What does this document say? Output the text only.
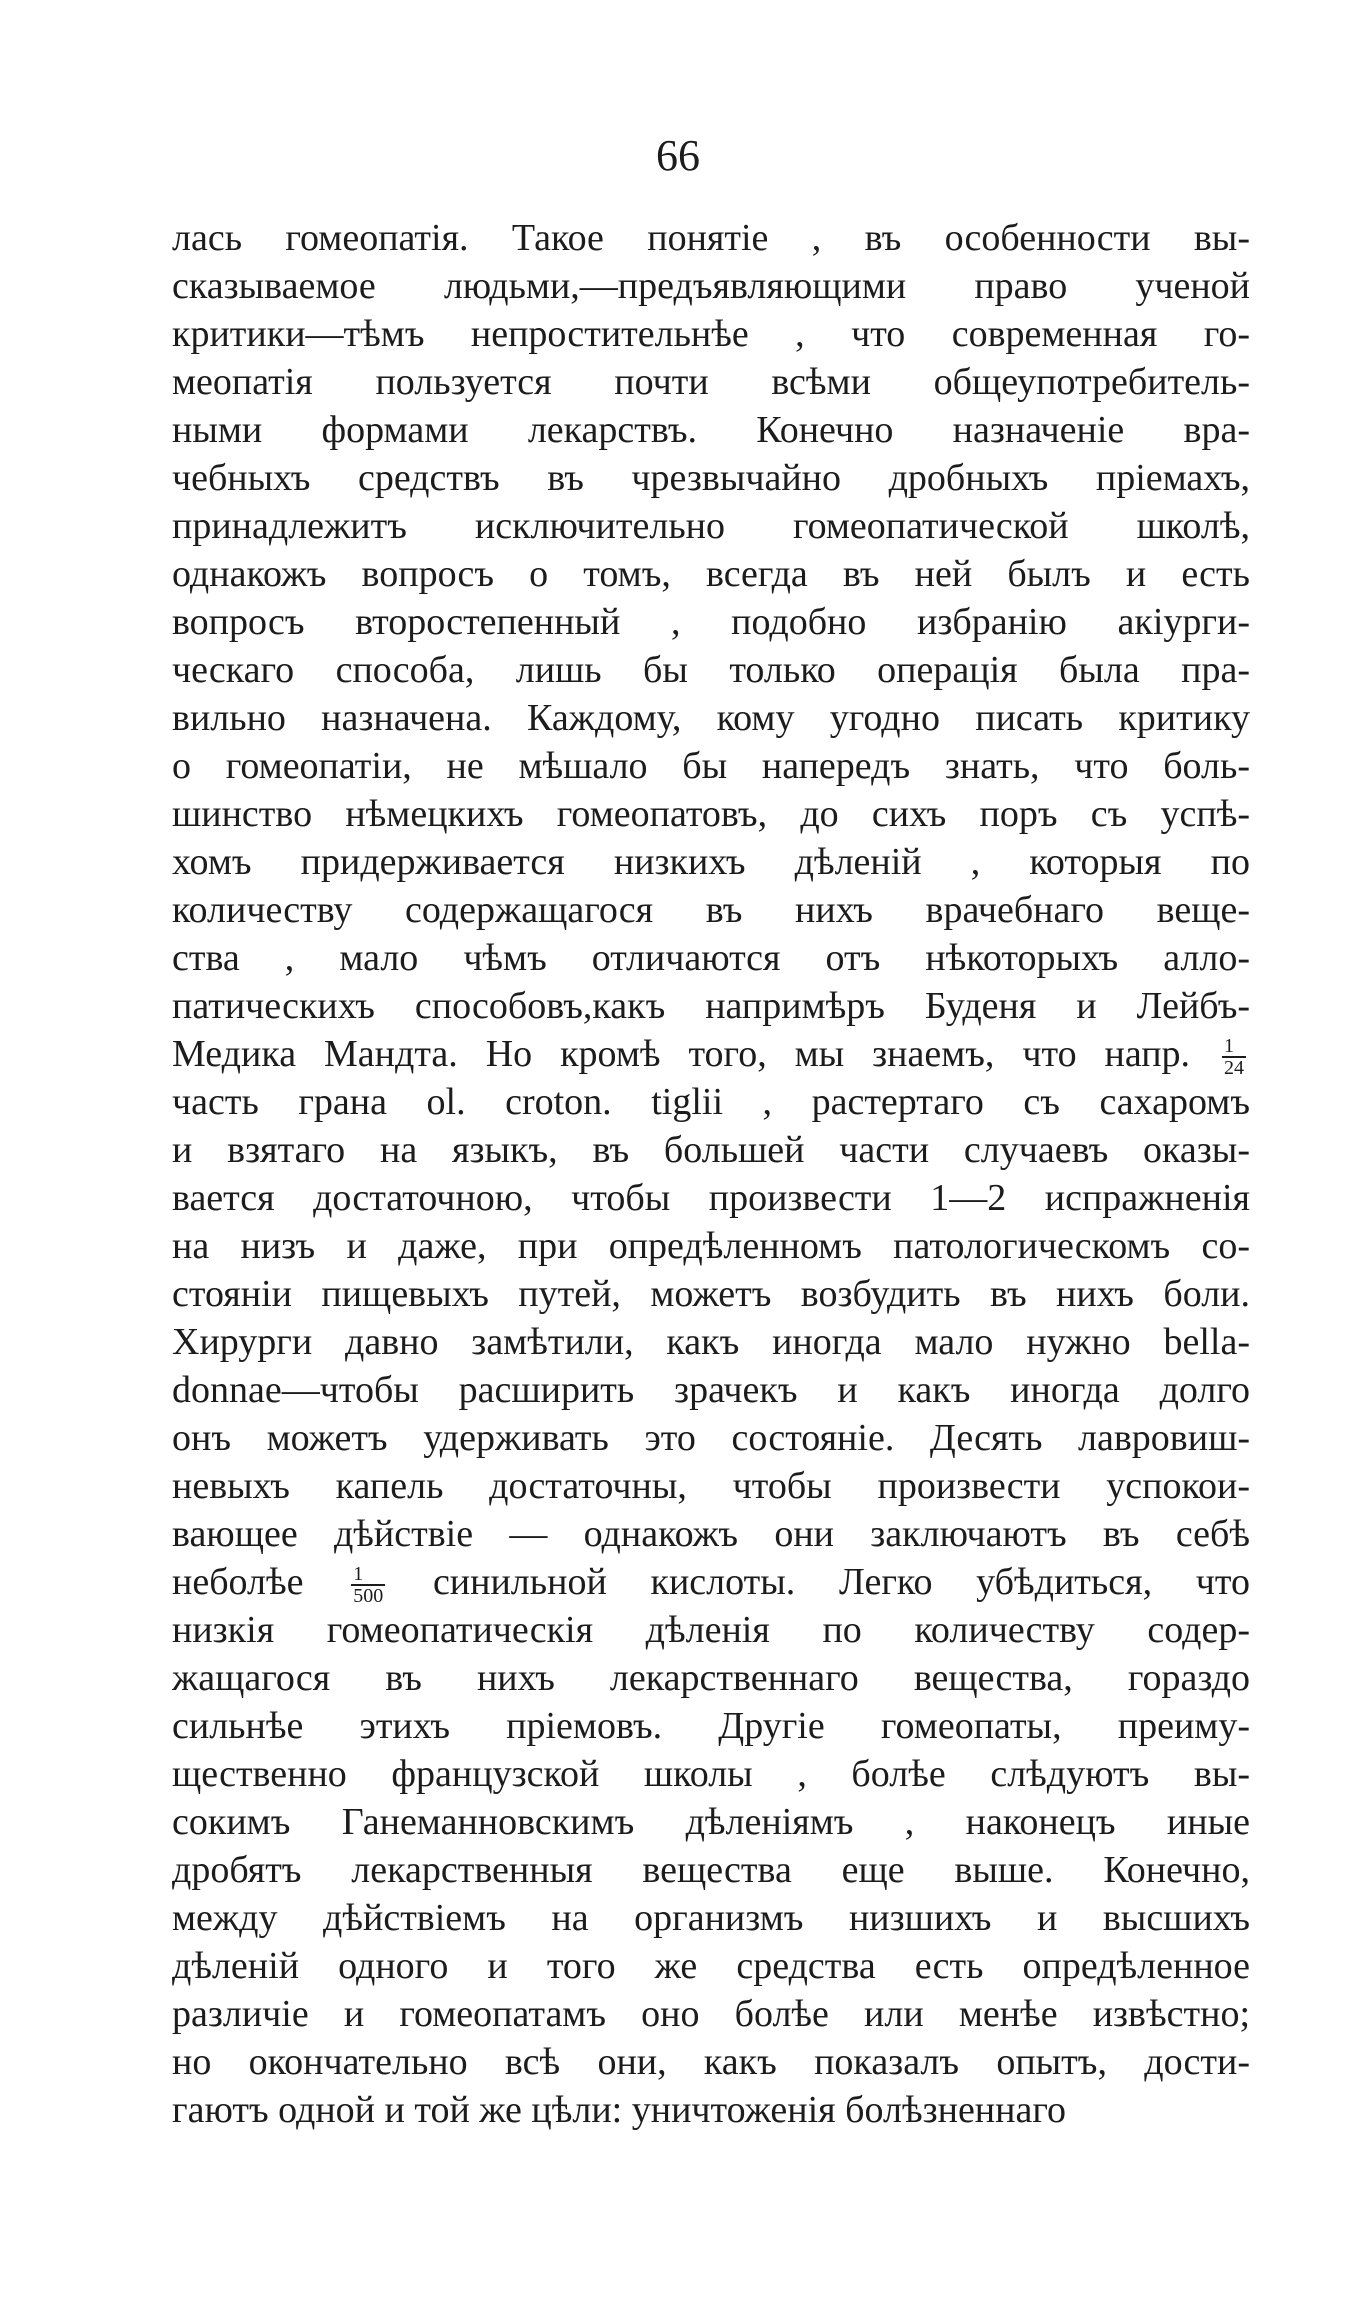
66
лась гомеопатія. Такое понятіе , въ особенности вы-
сказываемое людьми,—предъявляющими право ученой
критики—тѣмъ непростительнѣе , что современная го-
меопатія пользуется почти всѣми общеупотребитель-
ными формами лекарствъ. Конечно назначеніе вра-
чебныхъ средствъ въ чрезвычайно дробныхъ пріемахъ,
принадлежитъ исключительно гомеопатической школѣ,
однакожъ вопросъ о томъ, всегда въ ней былъ и есть
вопросъ второстепенный , подобно избранію акіурги-
ческаго способа, лишь бы только операція была пра-
вильно назначена. Каждому, кому угодно писать критику
о гомеопатіи, не мѣшало бы напередъ знать, что боль-
шинство нѣмецкихъ гомеопатовъ, до сихъ поръ съ успѣ-
хомъ придерживается низкихъ дѣленій , которыя по
количеству содержащагося въ нихъ врачебнаго веще-
ства , мало чѣмъ отличаются отъ нѣкоторыхъ алло-
патическихъ способовъ,какъ напримѣръ Буденя и Лейбъ-
Медика Мандта. Но кромѣ того, мы знаемъ, что напр. $\frac{1}{24}$
часть грана ol. croton. tiglii , растертаго съ сахаромъ
и взятаго на языкъ, въ большей части случаевъ оказы-
вается достаточною, чтобы произвести 1—2 испражненія
на низъ и даже, при опредѣленномъ патологическомъ со-
стояніи пищевыхъ путей, можетъ возбудить въ нихъ боли.
Хирурги давно замѣтили, какъ иногда мало нужно bella-
donnae—чтобы расширить зрачекъ и какъ иногда долго
онъ можетъ удерживать это состояніе. Десять лавровиш-
невыхъ капель достаточны, чтобы произвести успокои-
вающее дѣйствіе — однакожъ они заключаютъ въ себѣ
неболѣе $\frac{1}{500}$ синильной кислоты. Легко убѣдиться, что
низкія гомеопатическія дѣленія по количеству содер-
жащагося въ нихъ лекарственнаго вещества, гораздо
сильнѣе этихъ пріемовъ. Другіе гомеопаты, преиму-
щественно французской школы , болѣе слѣдуютъ вы-
сокимъ Ганеманновскимъ дѣленіямъ , наконецъ иные
дробятъ лекарственныя вещества еще выше. Конечно,
между дѣйствіемъ на организмъ низшихъ и высшихъ
дѣленій одного и того же средства есть опредѣленное
различіе и гомеопатамъ оно болѣе или менѣе извѣстно;
но окончательно всѣ они, какъ показалъ опытъ, дости-
гаютъ одной и той же цѣли: уничтоженія болѣзненнаго
